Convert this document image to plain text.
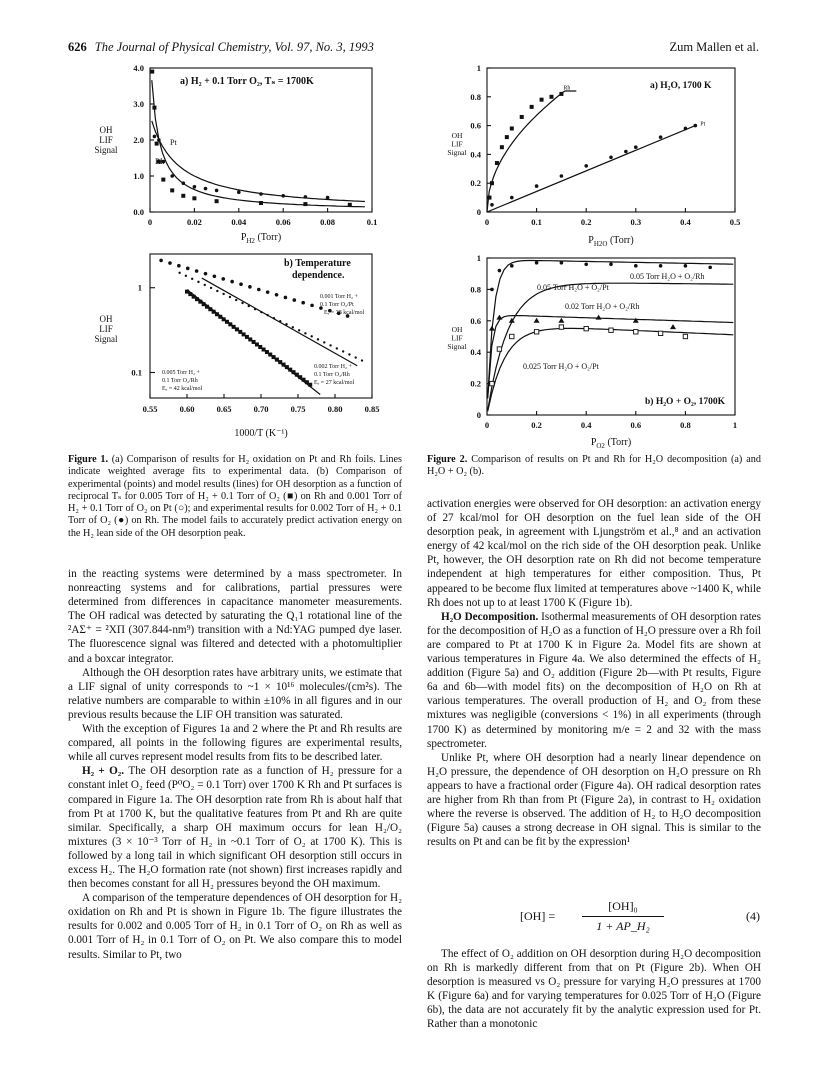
626 The Journal of Physical Chemistry, Vol. 97, No. 3, 1993	Zum Mallen et al.
0	0.02	0.04	0.06	0.08	0.1
0.0
1.0
2.0
3.0
4.0
OH
LIF
Signal
$P_{H2}$ (Torr)
a) H₂ + 0.1 Torr O₂, Tₛ = 1700K
Pt
Rh
0.55	0.60	0.65	0.70	0.75	0.80	0.85
0.1
1
OH
LIF
Signal
1000/T (K⁻¹)
b) Temperature
dependence.
0.001 Torr H₂ +
0.1 Torr O₂/Pt
Eₐ = 38 kcal/mol
0.002 Torr H₂ +
0.1 Torr O₂/Rh
Eₐ = 27 kcal/mol
0.005 Torr H₂ +
0.1 Torr O₂/Rh
Eₐ = 42 kcal/mol
0	0.1	0.2	0.3	0.4	0.5
0
0.2
0.4
0.6
0.8
1
OH
LIF
Signal
$P_{H2O}$ (Torr)
a) H₂O, 1700 K
Rh
Pt
0	0.2	0.4	0.6	0.8	1
0
0.2
0.4
0.6
0.8
1
OH
LIF
Signal
$P_{O2}$ (Torr)
b) H₂O + O₂, 1700K
0.05 Torr H₂O + O₂/Rh
0.05 Torr H₂O + O₂/Pt
0.02 Torr H₂O + O₂/Rh
0.025 Torr H₂O + O₂/Pt
Figure 1. (a) Comparison of results for H₂ oxidation on Pt and Rh foils. Lines indicate weighted average fits to experimental data. (b) Comparison of experimental (points) and model results (lines) for OH desorption as a function of reciprocal Tₛ for 0.005 Torr of H₂ + 0.1 Torr of O₂ (■) on Rh and 0.001 Torr of H₂ + 0.1 Torr of O₂ on Pt (○); and experimental results for 0.002 Torr of H₂ + 0.1 Torr of O₂ (●) on Rh. The model fails to accurately predict activation energy on the H₂ lean side of the OH desorption peak.
Figure 2. Comparison of results on Pt and Rh for H₂O decomposition (a) and H₂O + O₂ (b).

in the reacting systems were determined by a mass spectrometer. In nonreacting systems and for calibrations, partial pressures were determined from differences in capacitance manometer measurements. The OH radical was detected by saturating the Q₁1 rotational line of the ²AΣ⁺ = ²XΠ (307.844-nm⁹) transition with a Nd:YAG pumped dye laser. The fluorescence signal was filtered and detected with a photomultiplier and a boxcar integrator.

Although the OH desorption rates have arbitrary units, we estimate that a LIF signal of unity corresponds to ~1 × 10¹⁶ molecules/(cm²s). The relative numbers are comparable to within ±10% in all figures and in our previous results because the LIF OH transition was saturated.

With the exception of Figures 1a and 2 where the Pt and Rh results are compared, all points in the following figures are experimental results, while all curves represent model results from fits to be described later.

H₂ + O₂. The OH desorption rate as a function of H₂ pressure for a constant inlet O₂ feed (P⁰O₂ = 0.1 Torr) over 1700 K Rh and Pt surfaces is compared in Figure 1a. The OH desorption rate from Rh is about half that from Pt at 1700 K, but the qualitative features from Pt and Rh are quite similar. Specifically, a sharp OH maximum occurs for lean H₂/O₂ mixtures (3 × 10⁻³ Torr of H₂ in ~0.1 Torr of O₂ at 1700 K). This is followed by a long tail in which significant OH desorption still occurs in excess H₂. The H₂O formation rate (not shown) first increases rapidly and then becomes constant for all H₂ pressures beyond the OH maximum.

A comparison of the temperature dependences of OH desorption for H₂ oxidation on Rh and Pt is shown in Figure 1b. The figure illustrates the results for 0.002 and 0.005 Torr of H₂ in 0.1 Torr of O₂ on Rh as well as 0.001 Torr of H₂ in 0.1 Torr of O₂ on Pt. We also compare this to model results. Similar to Pt, two

activation energies were observed for OH desorption: an activation energy of 27 kcal/mol for OH desorption on the fuel lean side of the OH desorption peak, in agreement with Ljungström et al.,⁸ and an activation energy of 42 kcal/mol on the rich side of the OH desorption peak. Unlike Pt, however, the OH desorption rate on Rh did not become temperature independent at high temperatures for either composition. Thus, Pt appeared to be become flux limited at temperatures above ~1400 K, while Rh does not up to at least 1700 K (Figure 1b).

H₂O Decomposition. Isothermal measurements of OH desorption rates for the decomposition of H₂O as a function of H₂O pressure over a Rh foil are compared to Pt at 1700 K in Figure 2a. Model fits are shown at various temperatures in Figure 4a. We also determined the effects of H₂ addition (Figure 5a) and O₂ addition (Figure 2b—with Pt results, Figure 6a and 6b—with model fits) on the decomposition of H₂O on Rh at various temperatures. The overall production of H₂ and O₂ from these mixtures was negligible (conversions < 1%) in all experiments (through 1700 K) as determined by monitoring m/e = 2 and 32 with the mass spectrometer.

Unlike Pt, where OH desorption had a nearly linear dependence on H₂O pressure, the dependence of OH desorption on H₂O pressure on Rh appears to have a fractional order (Figure 4a). OH radical desorption rates are higher from Rh than from Pt (Figure 2a), in contrast to H₂ oxidation where the reverse is observed. The addition of H₂ to H₂O decomposition (Figure 5a) causes a strong decrease in OH signal. This is similar to the results on Pt and can be fit by the expression¹

[OH] =
[OH]₀
1 + AP_H₂
(4)

The effect of O₂ addition on OH desorption during H₂O decomposition on Rh is markedly different from that on Pt (Figure 2b). When OH desorption is measured vs O₂ pressure for varying H₂O pressures at 1700 K (Figure 6a) and for varying temperatures for 0.025 Torr of H₂O (Figure 6b), the data are not accurately fit by the analytic expression used for Pt. Rather than a monotonic
